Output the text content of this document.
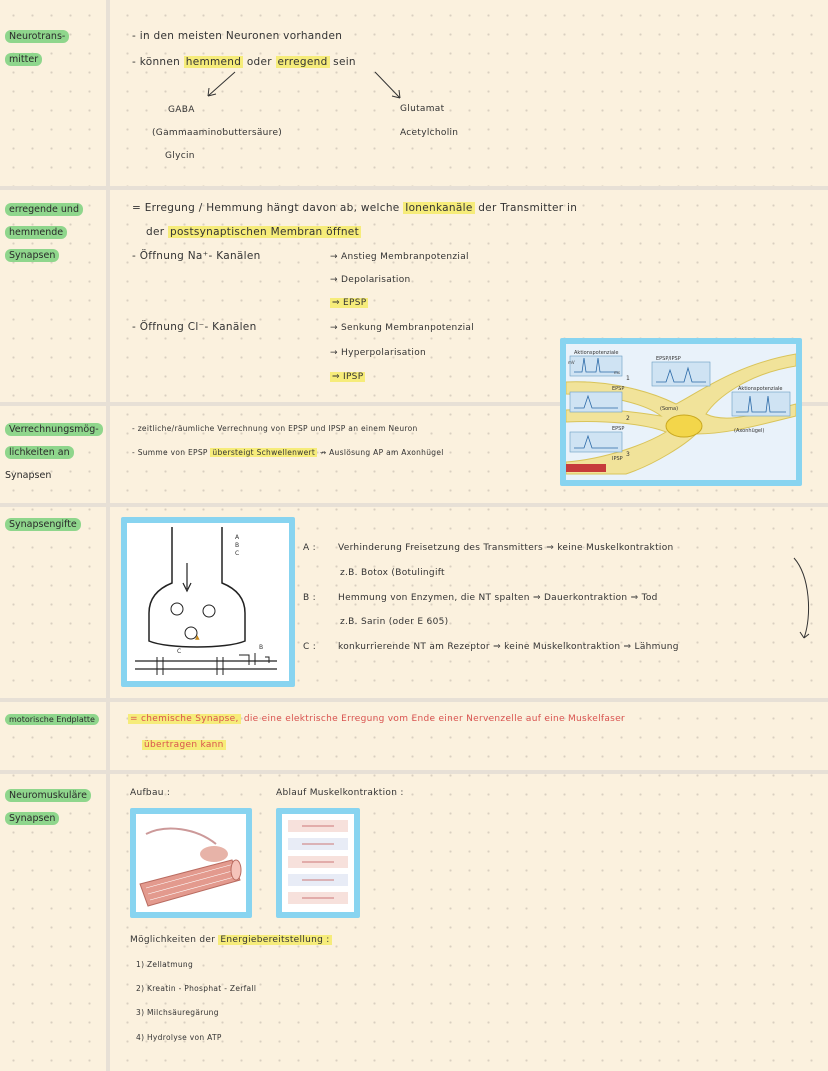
Neurotrans-
mitter
- in den meisten Neuronen vorhanden
- können hemmend oder erregend sein
GABA
(Gammaaminobuttersäure)
Glycin
Glutamat
Acetylcholin
erregende und
hemmende
Synapsen
= Erregung / Hemmung hängt davon ab, welche Ionenkanäle der Transmitter in
der postsynaptischen Membran öffnet
- Öffnung Na⁺- Kanälen	→ Anstieg Membranpotenzial
→ Depolarisation
⇒ EPSP
- Öffnung Cl⁻- Kanälen	→ Senkung Membranpotenzial
→ Hyperpolarisation
⇒ IPSP
Aktionspotenziale
EPSP/IPSP
Aktionspotenziale
EPSP
EPSP
IPSP
(Soma)
(Axonhügel)
1
2
3
ms
mV
Verrechnungsmög-
lichkeiten an
Synapsen
- zeitliche/räumliche Verrechnung von EPSP und IPSP an einem Neuron
- Summe von EPSP übersteigt Schwellenwert ↛ Auslösung AP am Axonhügel
Synapsengifte
▲
A
B
C
C
B
A : Verhinderung Freisetzung des Transmitters ⇒ keine Muskelkontraktion
z.B. Botox (Botulingift
B : Hemmung von Enzymen, die NT spalten ⇒ Dauerkontraktion ⇒ Tod
z.B. Sarin (oder E 605)
C : konkurrierende NT am Rezeptor ⇒ keine Muskelkontraktion ⇒ Lähmung
motorische Endplatte	= chemische Synapse, die eine elektrische Erregung vom Ende einer Nervenzelle auf eine Muskelfaser
übertragen kann
Neuromuskuläre
Synapsen
Aufbau :	Ablauf Muskelkontraktion :
Möglichkeiten der Energiebereitstellung :
1) Zellatmung
2) Kreatin - Phosphat - Zerfall
3) Milchsäuregärung
4) Hydrolyse von ATP
